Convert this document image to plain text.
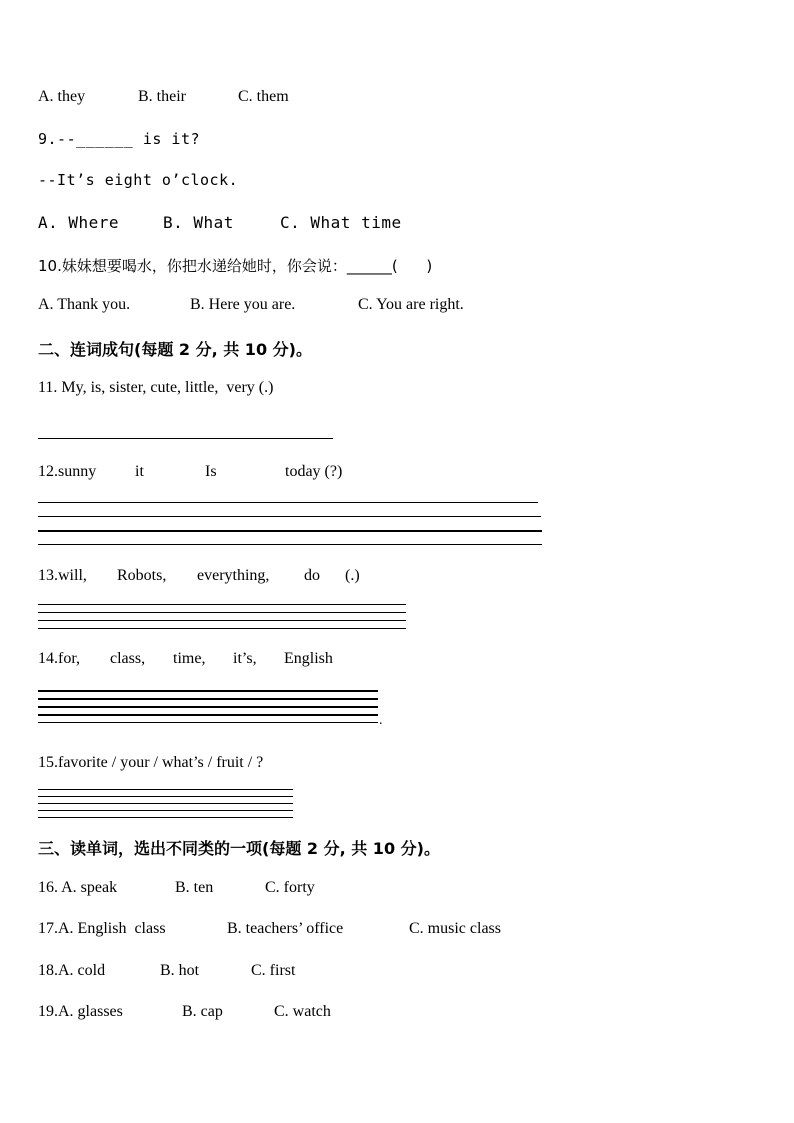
A. they	B. their	C. them
9.--______ is it?
--It’s eight o’clock.
A. Where	B. What	C. What time
10.妹妹想要喝水，你把水递给她时，你会说：______(      )
A. Thank you.	B. Here you are.	C. You are right.
二、连词成句(每题 2 分, 共 10 分)。
11. My, is, sister, cute, little,  very (.)
12.sunny it	Is	today (?)
13.will, Robots, everything, do (.)
14.for, class, time, it’s, English
.
15.favorite / your / what’s / fruit / ?
三、读单词，选出不同类的一项(每题 2 分, 共 10 分)。
16. A. speak	B. ten	C. forty
17.A. English  class	B. teachers’ office	C. music class
18.A. cold	B. hot	C. first
19.A. glasses	B. cap	C. watch
